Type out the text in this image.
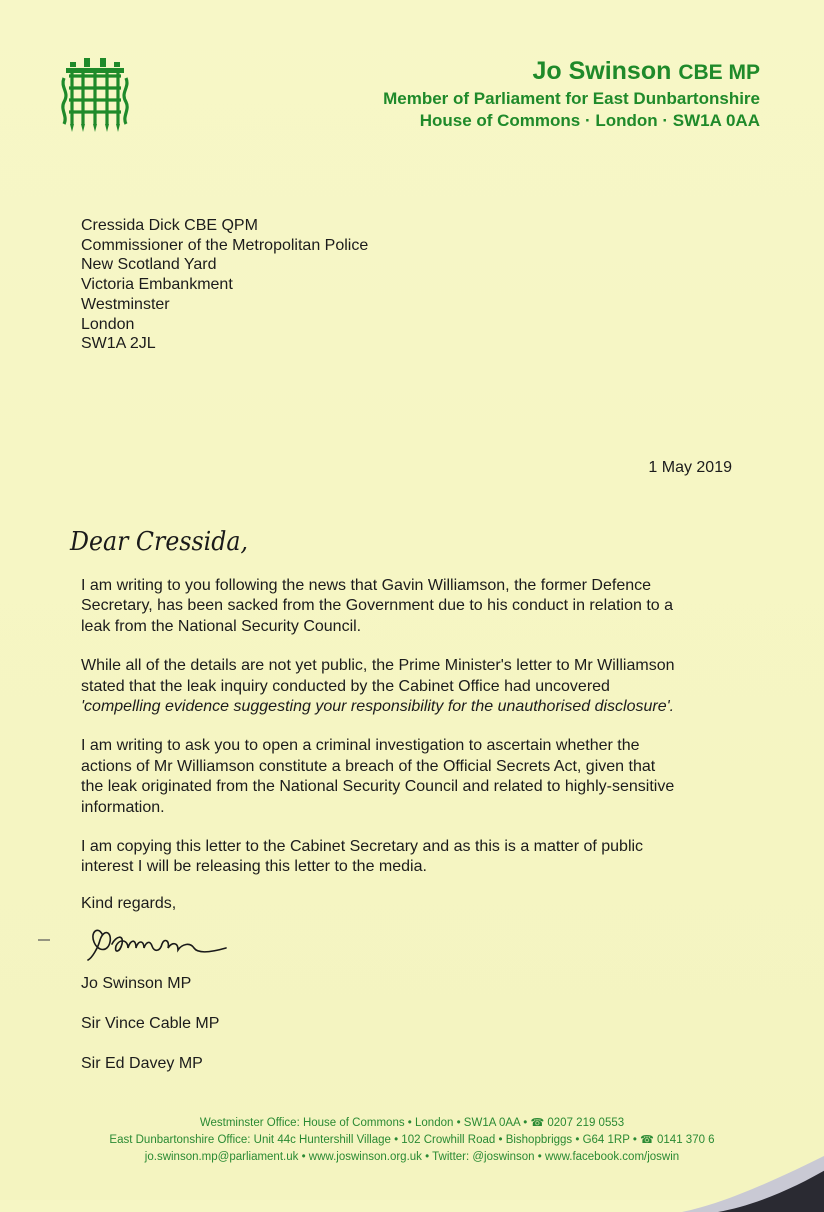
Jo Swinson CBE MP
Member of Parliament for East Dunbartonshire
House of Commons · London · SW1A 0AA
Cressida Dick CBE QPM
Commissioner of the Metropolitan Police
New Scotland Yard
Victoria Embankment
Westminster
London
SW1A 2JL
1 May 2019
Dear Cressida,

I am writing to you following the news that Gavin Williamson, the former Defence
Secretary, has been sacked from the Government due to his conduct in relation to a
leak from the National Security Council.

While all of the details are not yet public, the Prime Minister's letter to Mr Williamson
stated that the leak inquiry conducted by the Cabinet Office had uncovered
'compelling evidence suggesting your responsibility for the unauthorised disclosure'.

I am writing to ask you to open a criminal investigation to ascertain whether the
actions of Mr Williamson constitute a breach of the Official Secrets Act, given that
the leak originated from the National Security Council and related to highly-sensitive
information.

I am copying this letter to the Cabinet Secretary and as this is a matter of public
interest I will be releasing this letter to the media.

Kind regards,
Jo Swinson MP
Sir Vince Cable MP
Sir Ed Davey MP
Westminster Office: House of Commons • London • SW1A 0AA • ☎ 0207 219 0553
East Dunbartonshire Office: Unit 44c Huntershill Village • 102 Crowhill Road • Bishopbriggs • G64 1RP • ☎ 0141 370 6
jo.swinson.mp@parliament.uk • www.joswinson.org.uk • Twitter: @joswinson • www.facebook.com/joswin
